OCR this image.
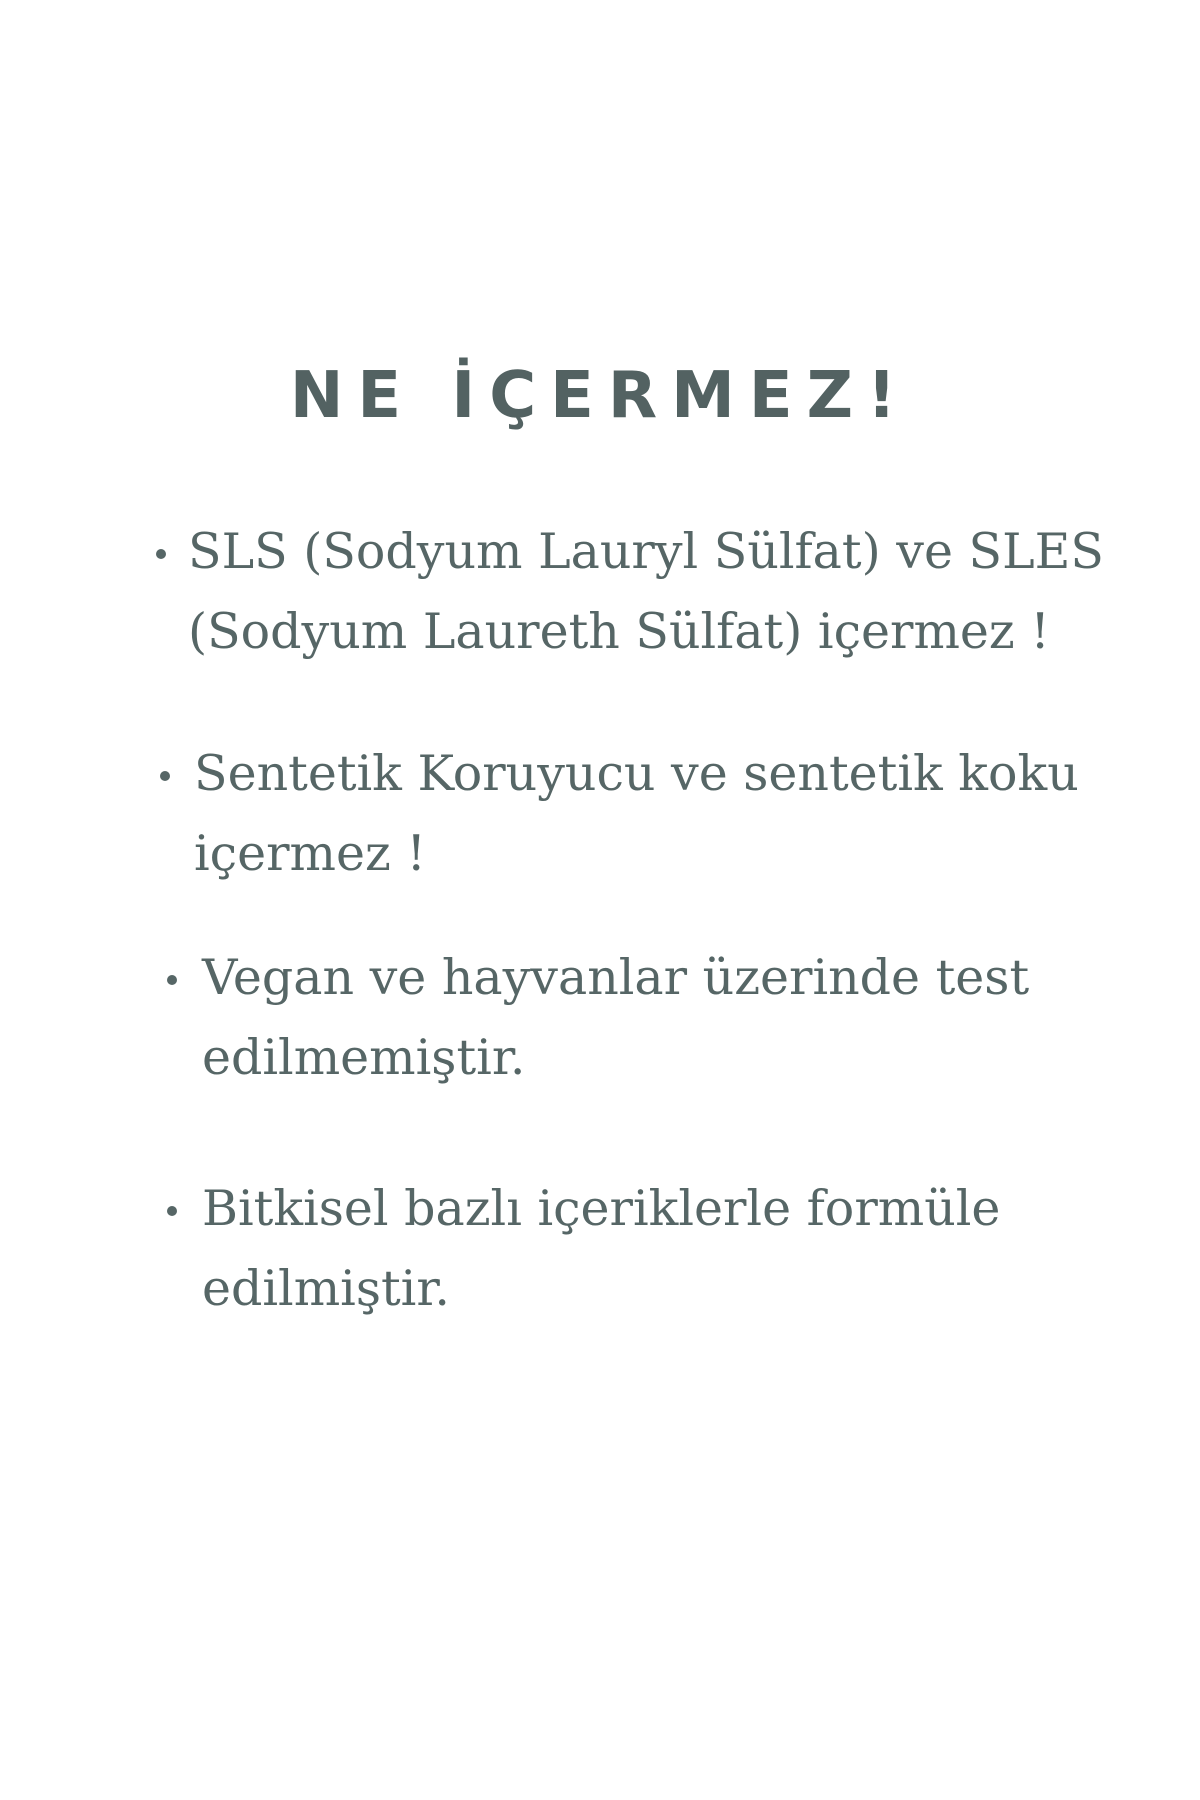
NE İÇERMEZ!

SLS (Sodyum Lauryl Sülfat) ve SLES
(Sodyum Laureth Sülfat) içermez !

Sentetik Koruyucu ve sentetik koku
içermez !

Vegan ve hayvanlar üzerinde test
edilmemiştir.

Bitkisel bazlı içeriklerle formüle
edilmiştir.
